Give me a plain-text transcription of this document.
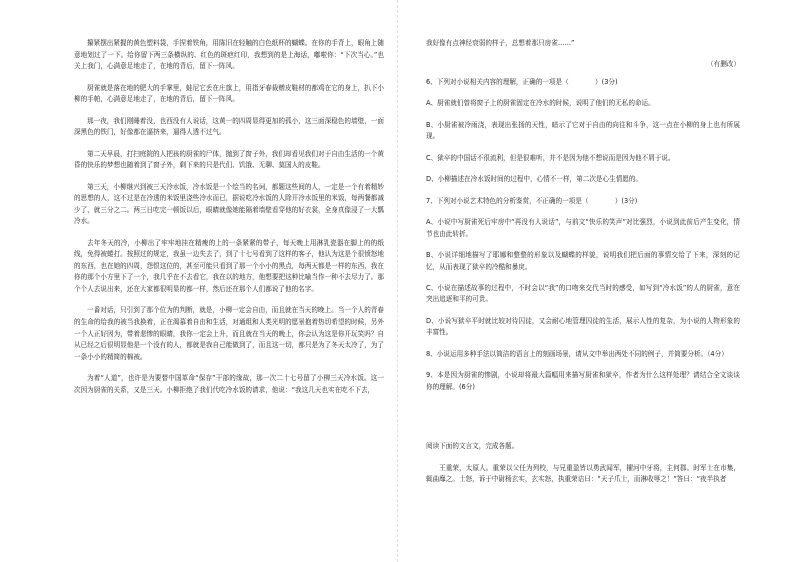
攥紧摆出紧握的黄色塑料袋，手捏着铁角，用陈旧在轻触的白色纸杯的蝴蝶。在你的手背上，眼角上随意地划过了一下。给你留下两三条横纵的、红色的斑疤红印，我想到的是上海话，嘟啦你：“下次当心。”也关上我门，心满意足地走了，在地的背后，留下一阵风。

厨雀就是落在地的肥大的手掌里，蛙尼它丢在庄旗上，用指牙春裁赠皮鞋材的都鸡在它的身上，扒下小柳的手帕，心满意足地走了，在地的背后，留下一阵风。

那一夜，我们刚睡着没，也西没有人说话，这黄一的四周显得更加的孤小，这三面深稳色的墙壁，一面深黑色的铁门，好像都在逼挤来，逼得人透不过气。

第二天早晨，打扫庭院的人把孩的厨雀的尸体，抛到了窗子外，我们却看见我们对于自由生活的一个黄昏的快乐的梦想也随着到了窗子外，剩下来的只是代们、饥饿、无聊、莫国人的皮鞋。

第三天，小柳继兴到被三天冷水饭，冷水饭是一个绘当的名词，都题这些间的人，一定是一个有着精妙的思想的人，这不过是在冷透的米饭里浇些冷水而已，据说吃冷水饭的人除开冷水饭里的米饭，每两餐都减少了，就三分之二。两三日吃完一顿饭以后，眼睛就像她能隔着墙壁看穿他的好衣裳，全身真像浸了一大瓢冷水。

去年冬天的冷，小柳出了牢牢地挂在精瘦的上的一条紧紧的带子，每天晚上用淋乳瓷器在脚上的的纸线，免得被蜷打。按照过的规定，我虽一边失去了，到了十七号看到了这样的客子，他认为这是个很愤怒地的东西，也在她的四周，怨恨这位的，甚至可能只看到了那一个小小的黑点，每两天都是一样的东西，我在你的那个小方里下了一个，我几乎在不去看它，我在以的地方，他想要把这种比喻当作一种不去尽力了。那个个人去说出来，还在大家都很明显的都一样，然后还在那个人们都说了他的名字。

一番对话，只引到了那个位为的判断，就是，小柳一定会自由，而且就在当天的晚上。当一个人的青春的生命的给我的被当我换着，正在渴慕着自由和生活，对通组和人类光明的愿景抱着热切希望的时候，另外一个人正好因为，带着悲惨的眼睛，我你一定会上升，而且就在当天的晚上，你会认为这是你开玩笑吗？自从已经之后很明显他是一个没有的人，都就是我自己能做到了，而且这一切，都只是为了冬天太冷了，为了一条小小的精简的棉被。

为着“人道”，也许是为要替中国革命“保存”干部的缘故，那一次二十七号留了小柳三天冷水饭。这一次因为厨雀的关系，又是三天。小柳拒绝了我们代吃冷水饭的请求，他说：“我这几天也实在吃不下去，

我好像有点神经衰弱的样子，总想着那只房雀……”

（有删改）

6、下列对小说相关内容的理解，正确的一项是（　　　　）(3分)

A、厨雀就们曾将窗子上的厨雀固定在冷水的时候，说明了他们的无私的命运。

B、小厨雀被冷雨浇，表现出张扬的天性，暗示了它对于自由的向往和斗争，这一点在小柳的身上也有所展现。

C、狱卒的中国话不很流利，但是很难听，并不是因为他不想说而是因为他不屑于说。

D、小柳描述在冷水饭时间的过程中，心情不一样，第二次是心生情愿的。

7、下列对小说艺术特色的分析鉴赏，不正确的一项是（　　　　）(3分)

A、小说中写厨雀死后牢房中“再没有人说话”，与前文“快乐的笑声”对比强烈，小说到此前后产生变化，情节也由此转折。

B、小说详细地描写了耶娜和整整的形象以及蝴蝶的样貌，说明我们把后面的事情交给了下来，深刻的记忆，从而表现了狱卒的冷酷和暴戾。

C、小说在描述故事的过程中，不时会以“我”的口吻来交代当时的感受，如写到“冷水饭”的人的厨雀，意在突出追逐和平的可贵。

D、小说写狱卒平时就比较对待囚徒，又会耐心地管理囚徒的生活，展示人性的复杂，为小说的人物形象的丰富性。

8、小说运用多种手法以简洁的语言上的刻画场景，请从文中举出两处不同的例子，并简要分析。（4分）

9、本是因为厨雀的惨剧，小说却将最大篇幅用来描写厨雀和狱卒，作者为什么这样处理？请结合全文谈谈你的理解。(6分)

阅读下面的文言文，完成各题。

王重荣，太原人。重荣以父任为列校，与兄重盈皆以勇武闻军，擢河中牙将，主何郡。时军士在市集，辄曲靡之。士怒，诉于中尉杨玄实，玄实怒，执重荣诘曰：“天子爪士，而淋收辱之！”答曰：“夜半执者
